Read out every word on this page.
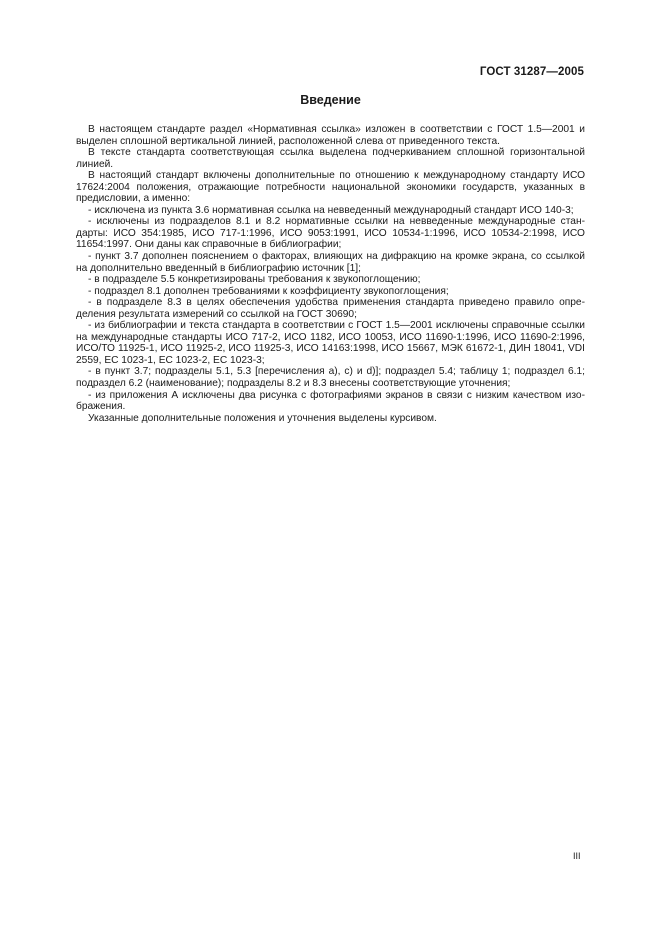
ГОСТ 31287—2005
Введение

В настоящем стандарте раздел «Нормативная ссылка» изложен в соответствии с ГОСТ 1.5—2001 и выделен сплошной вертикальной линией, расположенной слева от приведенного текста.

В тексте стандарта соответствующая ссылка выделена подчеркиванием сплошной горизонтальной линией.

В настоящий стандарт включены дополнительные по отношению к международному стандарту ИСО 17624:2004 положения, отражающие потребности национальной экономики государств, указанных в предисловии, а именно:

- исключена из пункта 3.6 нормативная ссылка на невведенный международный стандарт ИСО 140-3;

- исключены из подразделов 8.1 и 8.2 нормативные ссылки на невведенные международные стандарты: ИСО 354:1985, ИСО 717-1:1996, ИСО 9053:1991, ИСО 10534-1:1996, ИСО 10534-2:1998, ИСО 11654:1997. Они даны как справочные в библиографии;

- пункт 3.7 дополнен пояснением о факторах, влияющих на дифракцию на кромке экрана, со ссылкой на дополнительно введенный в библиографию источник [1];

- в подразделе 5.5 конкретизированы требования к звукопоглощению;

- подраздел 8.1 дополнен требованиями к коэффициенту звукопоглощения;

- в подразделе 8.3 в целях обеспечения удобства применения стандарта приведено правило определения результата измерений со ссылкой на ГОСТ 30690;

- из библиографии и текста стандарта в соответствии с ГОСТ 1.5—2001 исключены справочные ссылки на международные стандарты ИСО 717-2, ИСО 1182, ИСО 10053, ИСО 11690-1:1996, ИСО 11690-2:1996, ИСО/ТО 11925-1, ИСО 11925-2, ИСО 11925-3, ИСО 14163:1998, ИСО 15667, МЭК 61672-1, ДИН 18041, VDI 2559, ЕС 1023-1, ЕС 1023-2, ЕС 1023-3;

- в пункт 3.7; подразделы 5.1, 5.3 [перечисления а), с) и d)]; подраздел 5.4; таблицу 1; подраздел 6.1; подраздел 6.2 (наименование); подразделы 8.2 и 8.3 внесены соответствующие уточнения;

- из приложения А исключены два рисунка с фотографиями экранов в связи с низким качеством изображения.

Указанные дополнительные положения и уточнения выделены курсивом.

III
